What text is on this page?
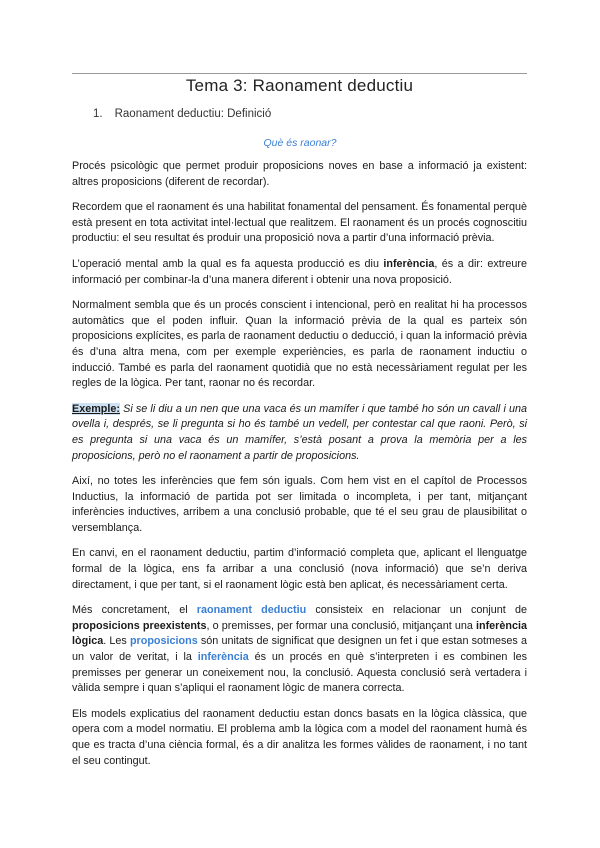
Tema 3: Raonament deductiu
1. Raonament deductiu: Definició
Què és raonar?

Procés psicològic que permet produir proposicions noves en base a informació ja existent: altres proposicions (diferent de recordar).

Recordem que el raonament és una habilitat fonamental del pensament. És fonamental perquè està present en tota activitat intel·lectual que realitzem. El raonament és un procés cognoscitiu productiu: el seu resultat és produir una proposició nova a partir d’una informació prèvia.

L’operació mental amb la qual es fa aquesta producció es diu inferència, és a dir: extreure informació per combinar-la d’una manera diferent i obtenir una nova proposició.

Normalment sembla que és un procés conscient i intencional, però en realitat hi ha processos automàtics que el poden influir. Quan la informació prèvia de la qual es parteix són proposicions explícites, es parla de raonament deductiu o deducció, i quan la informació prèvia és d’una altra mena, com per exemple experiències, es parla de raonament inductiu o inducció. També es parla del raonament quotidià que no està necessàriament regulat per les regles de la lògica. Per tant, raonar no és recordar.

Exemple: Si se li diu a un nen que una vaca és un mamífer i que també ho són un cavall i una ovella i, després, se li pregunta si ho és també un vedell, per contestar cal que raoni. Però, si es pregunta si una vaca és un mamífer, s’està posant a prova la memòria per a les proposicions, però no el raonament a partir de proposicions.

Així, no totes les inferències que fem són iguals. Com hem vist en el capítol de Processos Inductius, la informació de partida pot ser limitada o incompleta, i per tant, mitjançant inferències inductives, arribem a una conclusió probable, que té el seu grau de plausibilitat o versemblança.

En canvi, en el raonament deductiu, partim d’informació completa que, aplicant el llenguatge formal de la lògica, ens fa arribar a una conclusió (nova informació) que se’n deriva directament, i que per tant, si el raonament lògic està ben aplicat, és necessàriament certa.

Més concretament, el raonament deductiu consisteix en relacionar un conjunt de proposicions preexistents, o premisses, per formar una conclusió, mitjançant una inferència lògica. Les proposicions són unitats de significat que designen un fet i que estan sotmeses a un valor de veritat, i la inferència és un procés en què s’interpreten i es combinen les premisses per generar un coneixement nou, la conclusió. Aquesta conclusió serà vertadera i vàlida sempre i quan s’apliqui el raonament lògic de manera correcta.

Els models explicatius del raonament deductiu estan doncs basats en la lògica clàssica, que opera com a model normatiu. El problema amb la lògica com a model del raonament humà és que es tracta d’una ciència formal, és a dir analitza les formes vàlides de raonament, i no tant el seu contingut.
